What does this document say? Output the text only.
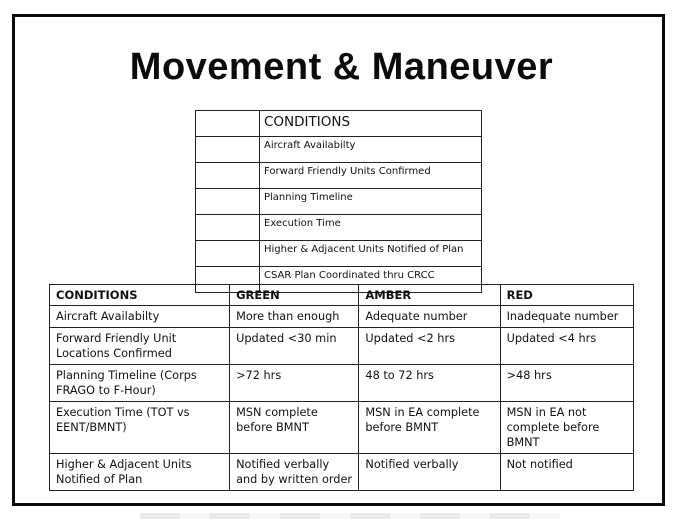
Movement & Maneuver
	CONDITIONS
	Aircraft Availabilty
	Forward Friendly Units Confirmed
	Planning Timeline
	Execution Time
	Higher & Adjacent Units Notified of Plan
	CSAR Plan Coordinated thru CRCC
CONDITIONS	GREEN	AMBER	RED
Aircraft Availabilty	More than enough	Adequate number	Inadequate number
Forward Friendly Unit Locations Confirmed	Updated <30 min	Updated <2 hrs	Updated <4 hrs
Planning Timeline (Corps FRAGO to F-Hour)	>72 hrs	48 to 72 hrs	>48 hrs
Execution Time (TOT vs EENT/BMNT)	MSN complete before BMNT	MSN in EA complete before BMNT	MSN in EA not complete before BMNT
Higher & Adjacent Units Notified of Plan	Notified verbally and by written order	Notified verbally	Not notified
